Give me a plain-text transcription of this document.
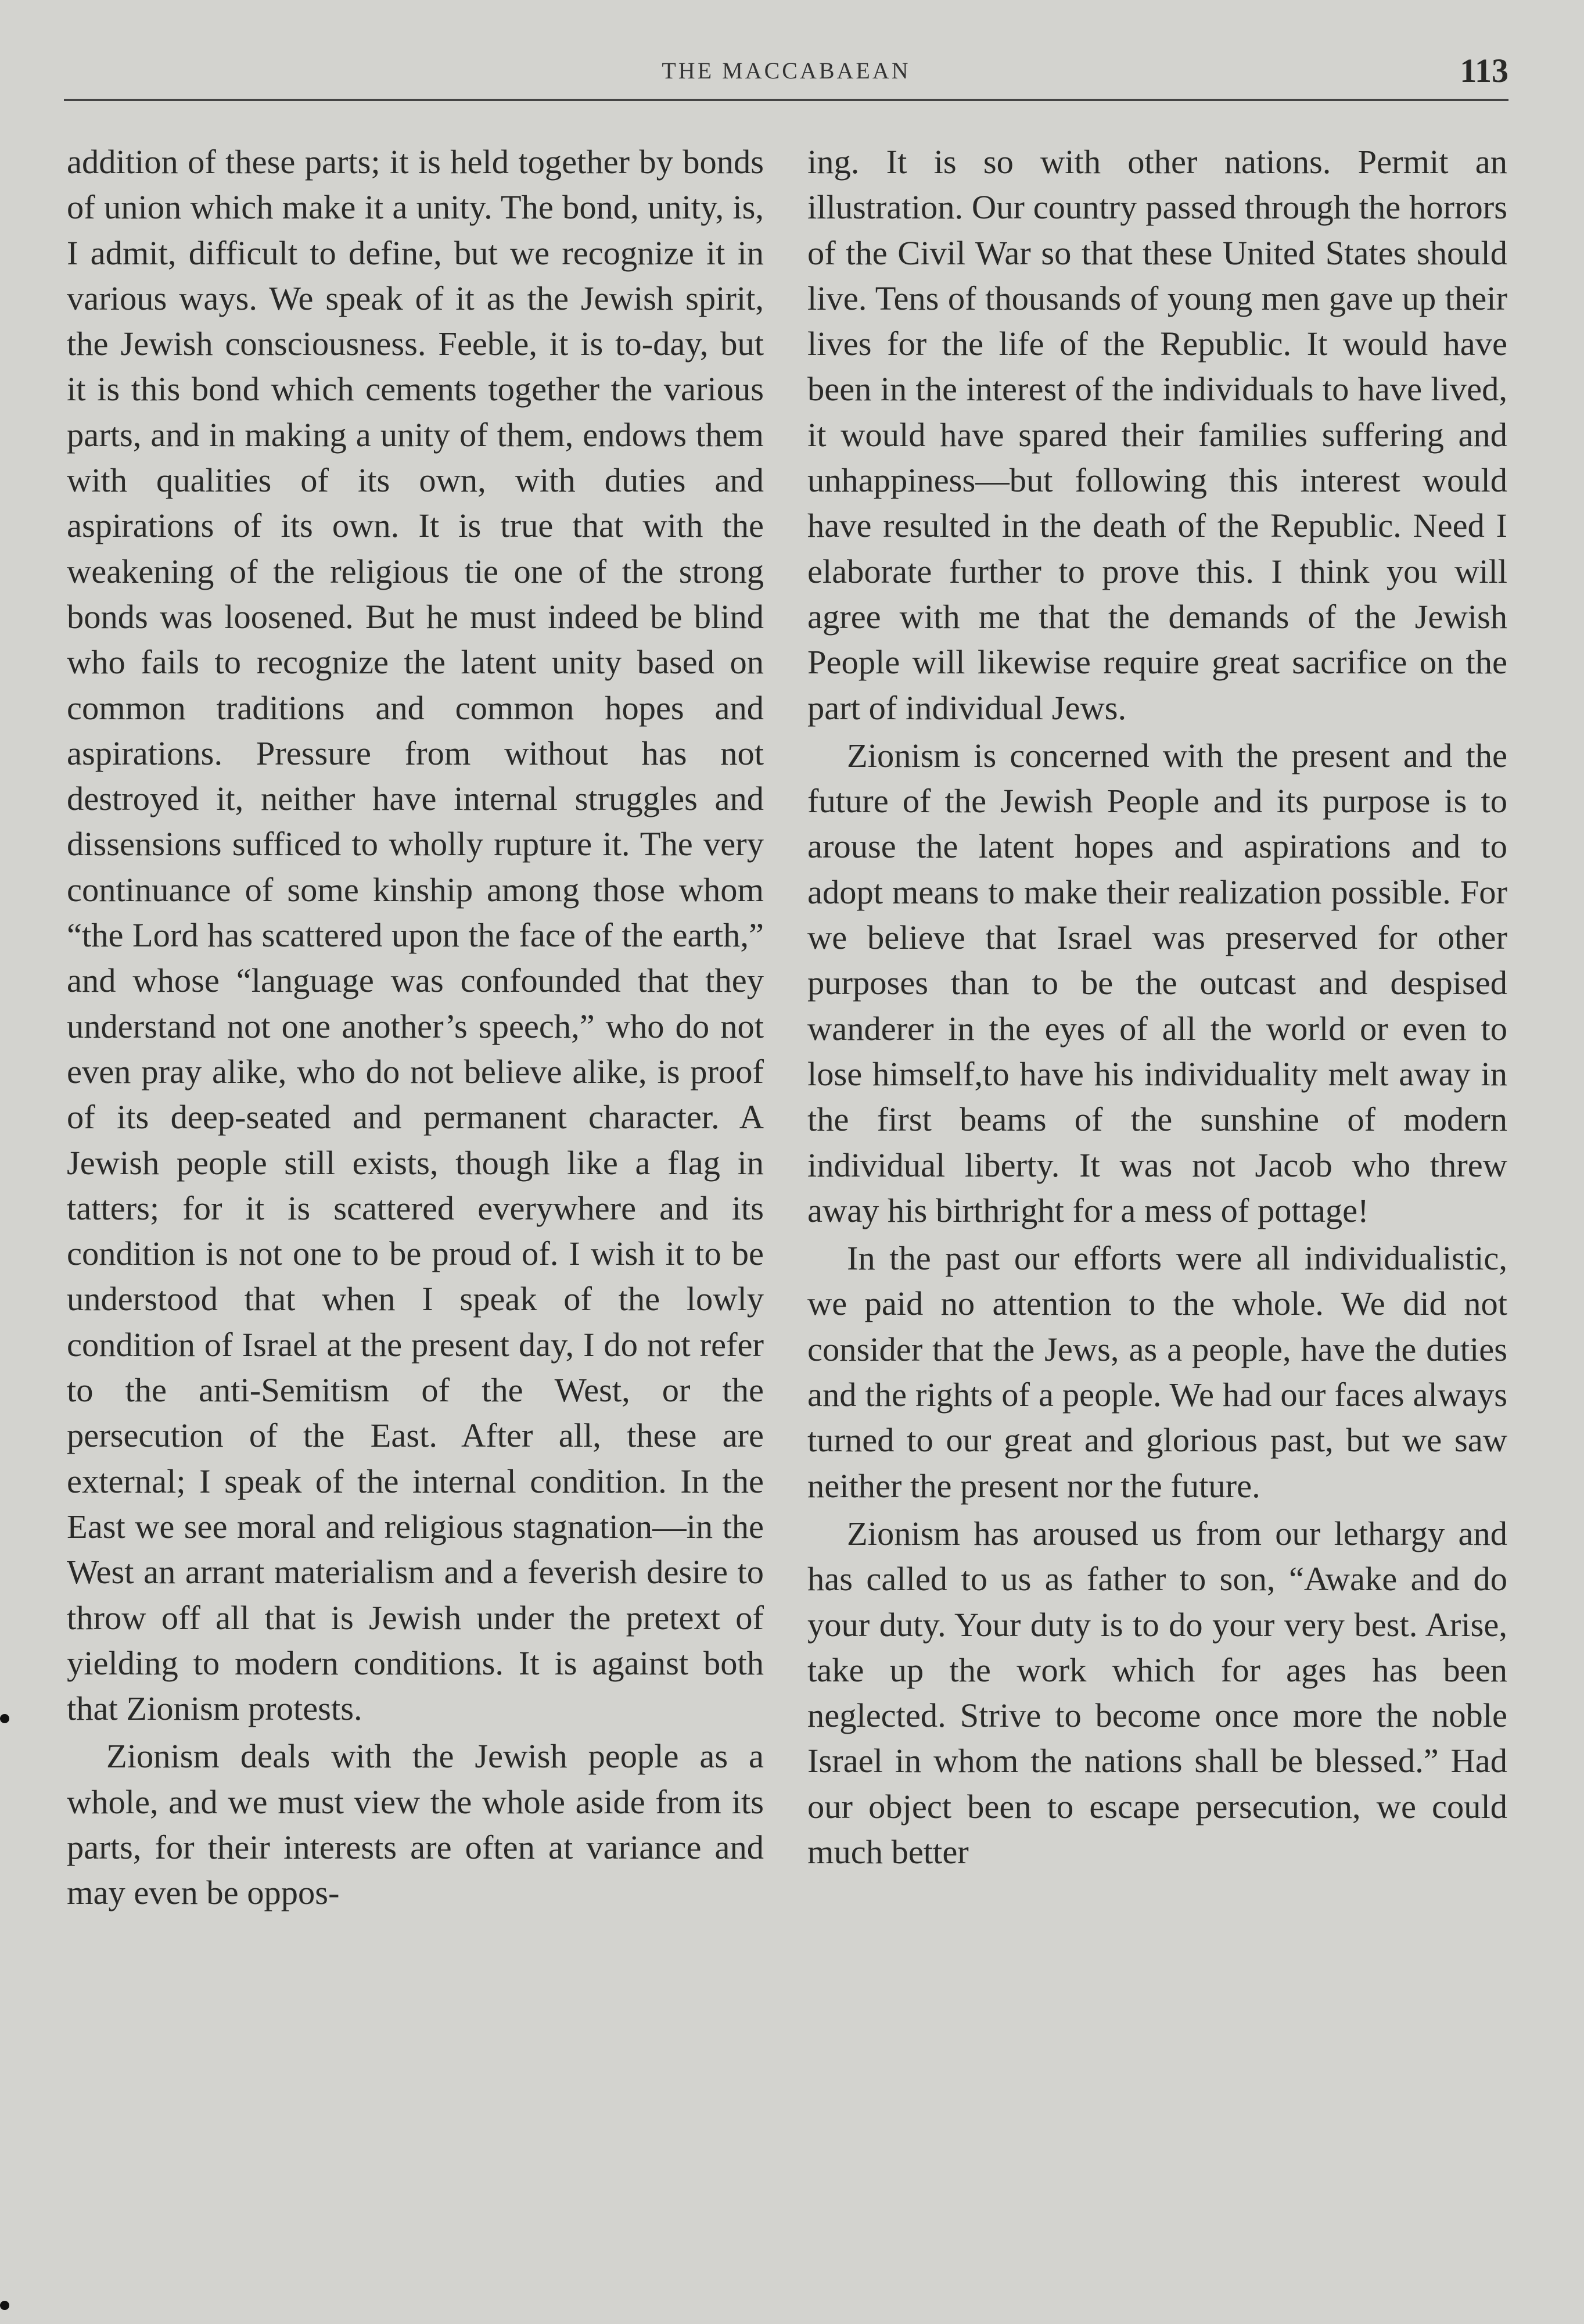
THE MACCABAEAN	113

addition of these parts; it is held together by bonds of union which make it a unity. The bond, unity, is, I admit, difficult to define, but we recognize it in various ways. We speak of it as the Jewish spirit, the Jewish consciousness. Feeble, it is to-day, but it is this bond which cements together the various parts, and in making a unity of them, endows them with qualities of its own, with duties and aspirations of its own. It is true that with the weakening of the religious tie one of the strong bonds was loosened. But he must indeed be blind who fails to recognize the latent unity based on common traditions and common hopes and aspirations. Pressure from without has not destroyed it, neither have internal struggles and dissensions sufficed to wholly rupture it. The very continuance of some kinship among those whom “the Lord has scattered upon the face of the earth,” and whose “language was confounded that they understand not one another’s speech,” who do not even pray alike, who do not believe alike, is proof of its deep-seated and permanent character. A Jewish people still exists, though like a flag in tatters; for it is scattered everywhere and its condition is not one to be proud of. I wish it to be understood that when I speak of the lowly condition of Israel at the present day, I do not refer to the anti-Semitism of the West, or the persecution of the East. After all, these are external; I speak of the internal condition. In the East we see moral and religious stagnation—in the West an arrant materialism and a feverish desire to throw off all that is Jewish under the pretext of yielding to modern conditions. It is against both that Zionism protests.

Zionism deals with the Jewish people as a whole, and we must view the whole aside from its parts, for their interests are often at variance and may even be oppos-

ing. It is so with other nations. Permit an illustration. Our country passed through the horrors of the Civil War so that these United States should live. Tens of thousands of young men gave up their lives for the life of the Republic. It would have been in the interest of the individuals to have lived, it would have spared their families suffering and unhappiness—but following this interest would have resulted in the death of the Republic. Need I elaborate further to prove this. I think you will agree with me that the demands of the Jewish People will likewise require great sacrifice on the part of individual Jews.

Zionism is concerned with the present and the future of the Jewish People and its purpose is to arouse the latent hopes and aspirations and to adopt means to make their realization possible. For we believe that Israel was preserved for other purposes than to be the outcast and despised wanderer in the eyes of all the world or even to lose himself,to have his individuality melt away in the first beams of the sunshine of modern individual liberty. It was not Jacob who threw away his birthright for a mess of pottage!

In the past our efforts were all individualistic, we paid no attention to the whole. We did not consider that the Jews, as a people, have the duties and the rights of a people. We had our faces always turned to our great and glorious past, but we saw neither the present nor the future.

Zionism has aroused us from our lethargy and has called to us as father to son, “Awake and do your duty. Your duty is to do your very best. Arise, take up the work which for ages has been neglected. Strive to become once more the noble Israel in whom the nations shall be blessed.” Had our object been to escape persecution, we could much better
